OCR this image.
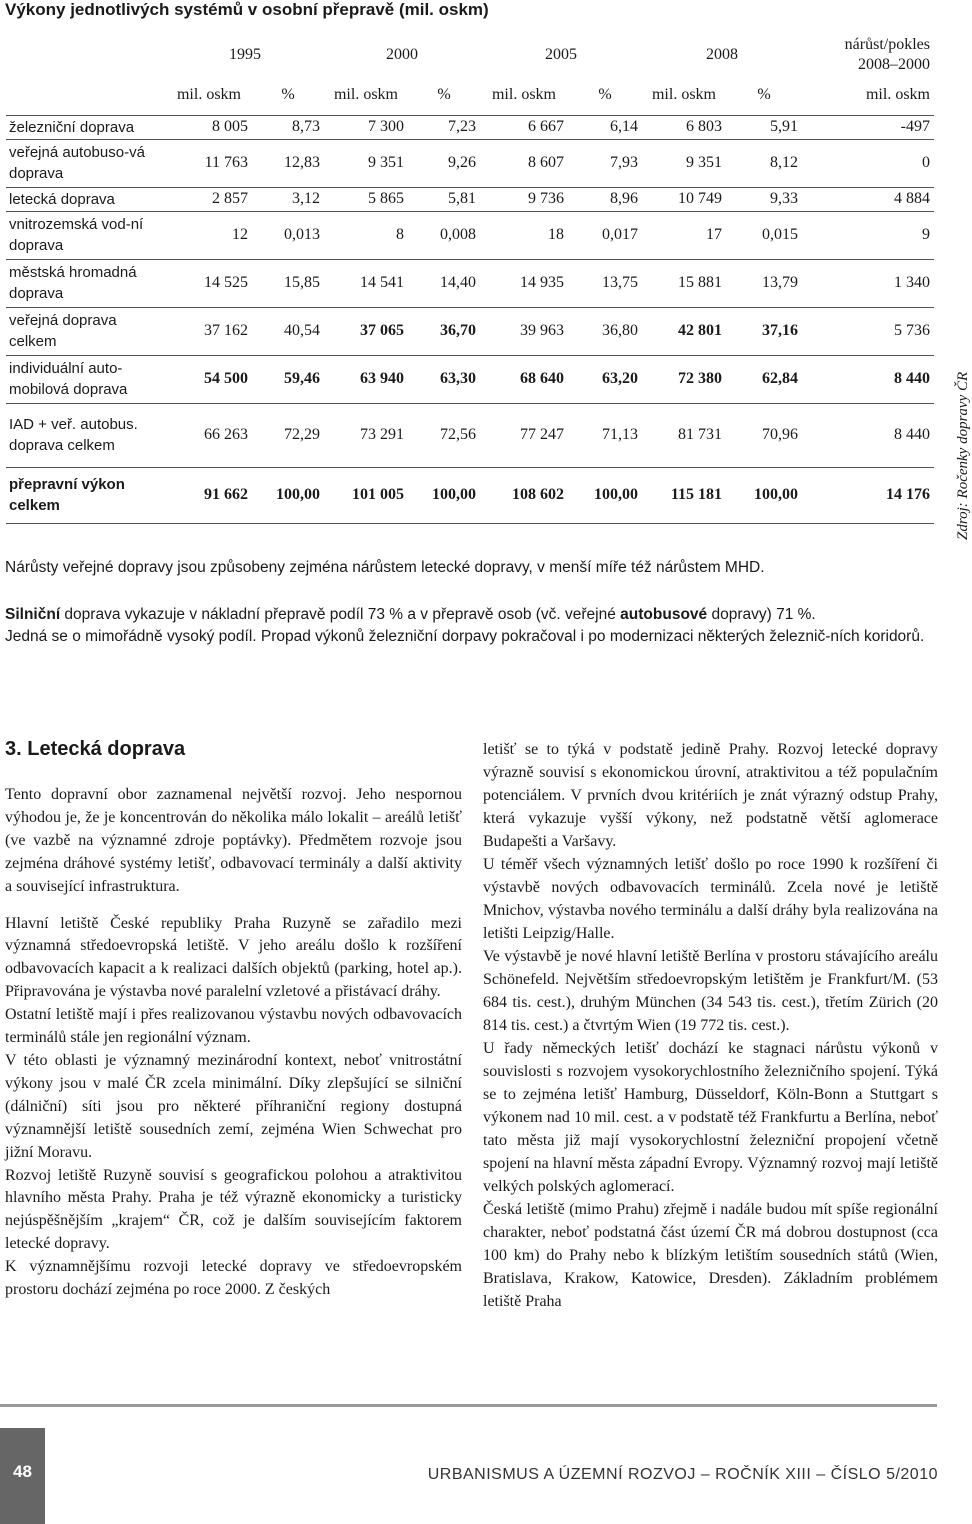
Výkony jednotlivých systémů v osobní přepravě (mil. oskm)
	1995		2000		2005		2008		nárůst/pokles 2008–2000
	mil. oskm	%	mil. oskm	%	mil. oskm	%	mil. oskm	%	mil. oskm
železniční doprava	8 005	8,73	7 300	7,23	6 667	6,14	6 803	5,91	-497
veřejná autobuso-vá doprava	11 763	12,83	9 351	9,26	8 607	7,93	9 351	8,12	0
letecká doprava	2 857	3,12	5 865	5,81	9 736	8,96	10 749	9,33	4 884
vnitrozemská vod-ní doprava	12	0,013	8	0,008	18	0,017	17	0,015	9
městská hromadná doprava	14 525	15,85	14 541	14,40	14 935	13,75	15 881	13,79	1 340
veřejná doprava celkem	37 162	40,54	37 065	36,70	39 963	36,80	42 801	37,16	5 736
individuální auto-mobilová doprava	54 500	59,46	63 940	63,30	68 640	63,20	72 380	62,84	8 440
IAD + veř. autobus. doprava celkem	66 263	72,29	73 291	72,56	77 247	71,13	81 731	70,96	8 440
přepravní výkon celkem	91 662	100,00	101 005	100,00	108 602	100,00	115 181	100,00	14 176 Zdroj: Ročenky dopravy ČR

Nárůsty veřejné dopravy jsou způsobeny zejména nárůstem letecké dopravy, v menší míře též nárůstem MHD.

Silniční doprava vykazuje v nákladní přepravě podíl 73 % a v přepravě osob (vč. veřejné autobusové dopravy) 71 %.
Jedná se o mimořádně vysoký podíl. Propad výkonů železniční dorpavy pokračoval i po modernizaci některých železnič-ních koridorů.

3. Letecká doprava

Tento dopravní obor zaznamenal největší rozvoj. Jeho nespornou výhodou je, že je koncentrován do několika málo lokalit – areálů letišť (ve vazbě na významné zdroje poptávky). Předmětem rozvoje jsou zejména dráhové systémy letišť, odbavovací terminály a další aktivity a související infrastruktura.

Hlavní letiště České republiky Praha Ruzyně se zařadilo mezi významná středoevropská letiště. V jeho areálu došlo k rozšíření odbavovacích kapacit a k realizaci dalších objektů (parking, hotel ap.). Připravována je výstavba nové paralelní vzletové a přistávací dráhy.

Ostatní letiště mají i přes realizovanou výstavbu nových odbavovacích terminálů stále jen regionální význam.

V této oblasti je významný mezinárodní kontext, neboť vnitrostátní výkony jsou v malé ČR zcela minimální. Díky zlepšující se silniční (dálniční) síti jsou pro některé příhraniční regiony dostupná významnější letiště sousedních zemí, zejména Wien Schwechat pro jižní Moravu.

Rozvoj letiště Ruzyně souvisí s geografickou polohou a atraktivitou hlavního města Prahy. Praha je též výrazně ekonomicky a turisticky nejúspěšnějším „krajem“ ČR, což je dalším souvisejícím faktorem letecké dopravy.

K významnějšímu rozvoji letecké dopravy ve středoevropském prostoru dochází zejména po roce 2000. Z českých

letišť se to týká v podstatě jedině Prahy. Rozvoj letecké dopravy výrazně souvisí s ekonomickou úrovní, atraktivitou a též populačním potenciálem. V prvních dvou kritériích je znát výrazný odstup Prahy, která vykazuje vyšší výkony, než podstatně větší aglomerace Budapešti a Varšavy.

U téměř všech významných letišť došlo po roce 1990 k rozšíření či výstavbě nových odbavovacích terminálů. Zcela nové je letiště Mnichov, výstavba nového terminálu a další dráhy byla realizována na letišti Leipzig/Halle.

Ve výstavbě je nové hlavní letiště Berlína v prostoru stávajícího areálu Schönefeld. Největším středoevropským letištěm je Frankfurt/M. (53 684 tis. cest.), druhým München (34 543 tis. cest.), třetím Zürich (20 814 tis. cest.) a čtvrtým Wien (19 772 tis. cest.).

U řady německých letišť dochází ke stagnaci nárůstu výkonů v souvislosti s rozvojem vysokorychlostního železničního spojení. Týká se to zejména letišť Hamburg, Düsseldorf, Köln-Bonn a Stuttgart s výkonem nad 10 mil. cest. a v podstatě též Frankfurtu a Berlína, neboť tato města již mají vysokorychlostní železniční propojení včetně spojení na hlavní města západní Evropy. Významný rozvoj mají letiště velkých polských aglomerací.

Česká letiště (mimo Prahu) zřejmě i nadále budou mít spíše regionální charakter, neboť podstatná část území ČR má dobrou dostupnost (cca 100 km) do Prahy nebo k blízkým letištím sousedních států (Wien, Bratislava, Krakow, Katowice, Dresden). Základním problémem letiště Praha

48	URBANISMUS A ÚZEMNÍ ROZVOJ – ROČNÍK XIII – ČÍSLO 5/2010
